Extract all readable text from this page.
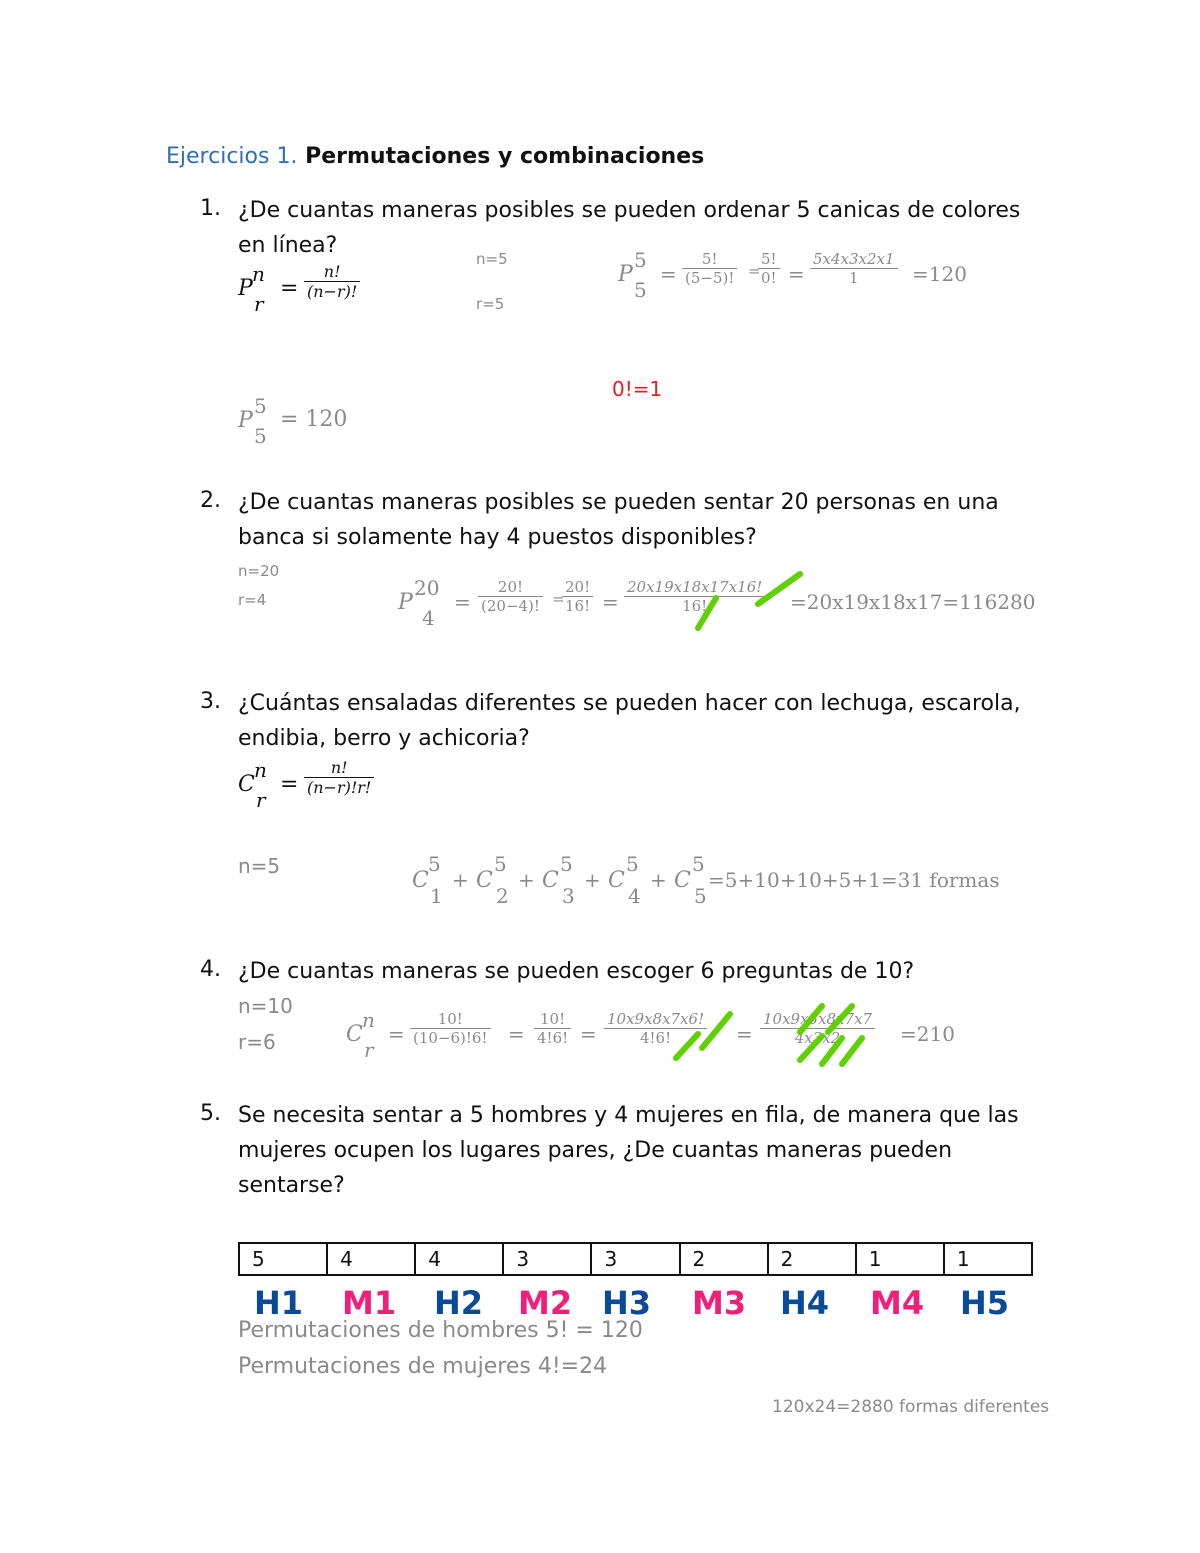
Ejercicios 1. Permutaciones y combinaciones
1. ¿De cuantas maneras posibles se pueden ordenar 5 canicas de colores en línea?
P
n
r
= $\frac{n!}{(n-r)!}$
n=5
r=5
P
5
5
= $\frac{5!}{(5-5)!}$ =
$\frac{5!}{0!} = \frac{5x4x3x2x1}{1} =120$
0!=1
P
5
5
= 120
2. ¿De cuantas maneras posibles se pueden sentar 20 personas en una banca si solamente hay 4 puestos disponibles?
n=20
r=4	P
20
4
= $\frac{20!}{(20-4)!}$ =
$\frac{20!}{16!} = \frac{20x19x18x17x16!}{16!} =20x19x18x17=116280$
3. ¿Cuántas ensaladas diferentes se pueden hacer con lechuga, escarola, endibia, berro y achicoria?
C
n
r
= $\frac{n!}{(n-r)!r!}$
n=5
C
5
1
+ C
5
2
+ C
5
3
+ C
5
4
+ C
5
5
=5+10+10+5+1=31 formas
4. ¿De cuantas maneras se pueden escoger 6 preguntas de 10?
n=10
r=6	C
n
r
= $\frac{10!}{(10-6)!6!} = \frac{10!}{4!6!} = \frac{10x9x8x7x6!}{4!6!} = \frac{10x9x3x8x7x7}{4x3x2} =210$
5. Se necesita sentar a 5 hombres y 4 mujeres en fila, de manera que las mujeres ocupen los lugares pares, ¿De cuantas maneras pueden sentarse?
5	4	4	3	3	2	2	1	1
H1 M1 H2 M2 H3 M3 H4 M4 H5
Permutaciones de hombres 5! = 120
Permutaciones de mujeres 4!=24
120x24=2880 formas diferentes
